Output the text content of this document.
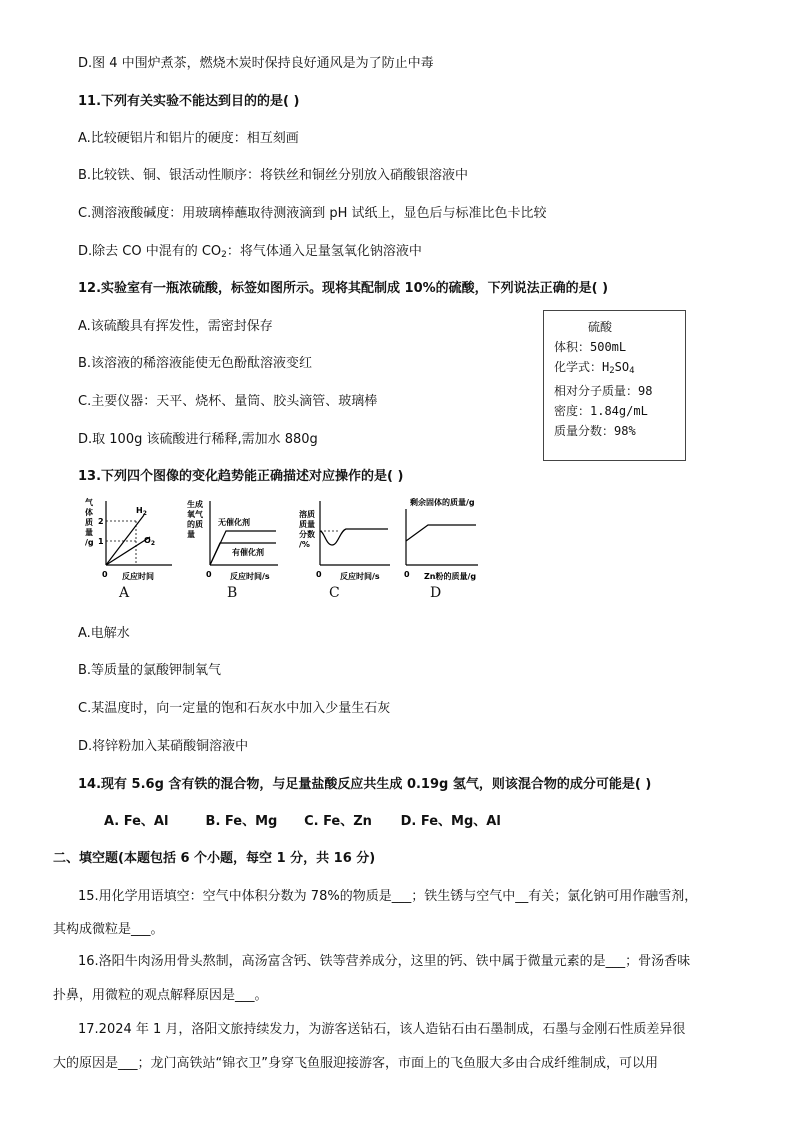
D.图 4 中围炉煮茶，燃烧木炭时保持良好通风是为了防止中毒
11.下列有关实验不能达到目的的是( )
A.比较硬铝片和铝片的硬度：相互刻画
B.比较铁、铜、银活动性顺序：将铁丝和铜丝分别放入硝酸银溶液中
C.测溶液酸碱度：用玻璃棒蘸取待测液滴到 pH 试纸上，显色后与标准比色卡比较
D.除去 CO 中混有的 $CO_2$：将气体通入足量氢氧化钠溶液中
12.实验室有一瓶浓硫酸，标签如图所示。现将其配制成 10%的硫酸，下列说法正确的是( )
A.该硫酸具有挥发性，需密封保存
B.该溶液的稀溶液能使无色酚酞溶液变红
C.主要仪器：天平、烧杯、量筒、胶头滴管、玻璃棒
D.取 100g 该硫酸进行稀释,需加水 880g
硫酸
体积：500mL
化学式：$H_2SO_4$
相对分子质量：98
密度：1.84g/mL
质量分数：98%
13.下列四个图像的变化趋势能正确描述对应操作的是( )
气
体
质
量
/g
2
1
$H_2$
$O_2$
0 反应时间
A
生成
氧气
的质
量
无催化剂
有催化剂
0 反应时间/s
B
溶质
质量
分数
/%
0 反应时间/s
C
剩余固体的质量/g
0 Zn粉的质量/g
D
A.电解水
B.等质量的氯酸钾制氧气
C.某温度时，向一定量的饱和石灰水中加入少量生石灰
D.将锌粉加入某硝酸铜溶液中
14.现有 5.6g 含有铁的混合物，与足量盐酸反应共生成 0.19g 氢气，则该混合物的成分可能是( )
A. Fe、Al	B. Fe、Mg C. Fe、Zn D. Fe、Mg、Al
二、填空题(本题包括 6 个小题，每空 1 分，共 16 分)
15.用化学用语填空：空气中体积分数为 78%的物质是___；铁生锈与空气中__有关；氯化钠可用作融雪剂，
其构成微粒是___。
16.洛阳牛肉汤用骨头熬制，高汤富含钙、铁等营养成分，这里的钙、铁中属于微量元素的是___；骨汤香味
扑鼻，用微粒的观点解释原因是___。
17.2024 年 1 月，洛阳文旅持续发力，为游客送钻石，该人造钻石由石墨制成，石墨与金刚石性质差异很
大的原因是___；龙门高铁站“锦衣卫”身穿飞鱼服迎接游客，市面上的飞鱼服大多由合成纤维制成，可以用
